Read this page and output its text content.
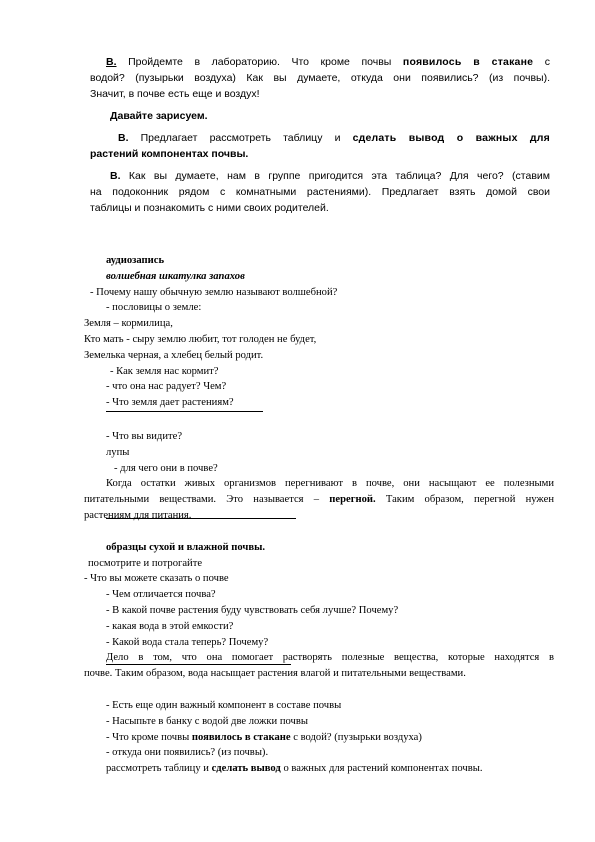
В. Пройдемте в лабораторию. Что кроме почвы появилось в стакане с

водой? (пузырьки воздуха) Как вы думаете, откуда они появились? (из почвы).

Значит, в почве есть еще и воздух!

Давайте зарисуем.

В. Предлагает рассмотреть таблицу и сделать вывод о важных для

растений компонентах почвы.

В. Как вы думаете, нам в группе пригодится эта таблица? Для чего? (ставим

на подоконник рядом с комнатными растениями). Предлагает взять домой свои

таблицы и познакомить с ними своих родителей.

аудиозапись

волшебная шкатулка запахов

- Почему нашу обычную землю называют волшебной?

- пословицы о земле:

Земля – кормилица,

Кто мать - сыру землю любит, тот голоден не будет,

Земелька черная, а хлебец белый родит.

- Как земля нас кормит?

- что она нас радует? Чем?

- Что земля дает растениям?

- Что вы видите?

лупы

- для чего они в почве?

Когда остатки живых организмов перегнивают в почве, они насыщают ее полезными

питательными веществами. Это называется – перегной. Таким образом, перегной нужен

растениям для питания.

образцы сухой и влажной почвы.

посмотрите и потрогайте

- Что вы можете сказать о почве

- Чем отличается почва?

- В какой почве растения буду чувствовать себя лучше? Почему?

- какая вода в этой емкости?

- Какой вода стала теперь? Почему?

Дело в том, что она помогает растворять полезные вещества, которые находятся в

почве. Таким образом, вода насыщает растения влагой и питательными веществами.

- Есть еще один важный компонент в составе почвы

- Насыпьте в банку с водой две ложки почвы

- Что кроме почвы появилось в стакане с водой? (пузырьки воздуха)

- откуда они появились? (из почвы).

рассмотреть таблицу и сделать вывод о важных для растений компонентах почвы.
